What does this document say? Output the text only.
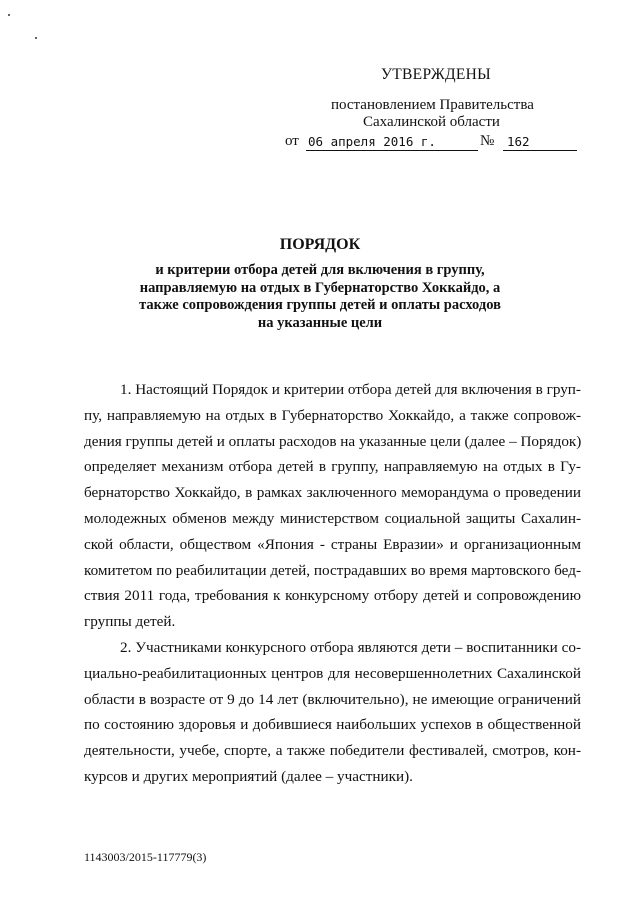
УТВЕРЖДЕНЫ
постановлением Правительства
Сахалинской области
от 06 апреля 2016 г.	№	162
ПОРЯДОК
и критерии отбора детей для включения в группу,
направляемую на отдых в Губернаторство Хоккайдо, а
также сопровождения группы детей и оплаты расходов
на указанные цели
1. Настоящий Порядок и критерии отбора детей для включения в груп-
пу, направляемую на отдых в Губернаторство Хоккайдо, а также сопровож-
дения группы детей и оплаты расходов на указанные цели (далее – Порядок)
определяет механизм отбора детей в группу, направляемую на отдых в Гу-
бернаторство Хоккайдо, в рамках заключенного меморандума о проведении
молодежных обменов между министерством социальной защиты Сахалин-
ской области, обществом «Япония - страны Евразии» и организационным
комитетом по реабилитации детей, пострадавших во время мартовского бед-
ствия 2011 года, требования к конкурсному отбору детей и сопровождению
группы детей.
2. Участниками конкурсного отбора являются дети – воспитанники со-
циально-реабилитационных центров для несовершеннолетних Сахалинской
области в возрасте от 9 до 14 лет (включительно), не имеющие ограничений
по состоянию здоровья и добившиеся наибольших успехов в общественной
деятельности, учебе, спорте, а также победители фестивалей, смотров, кон-
курсов и других мероприятий (далее – участники).
1143003/2015-117779(3)
